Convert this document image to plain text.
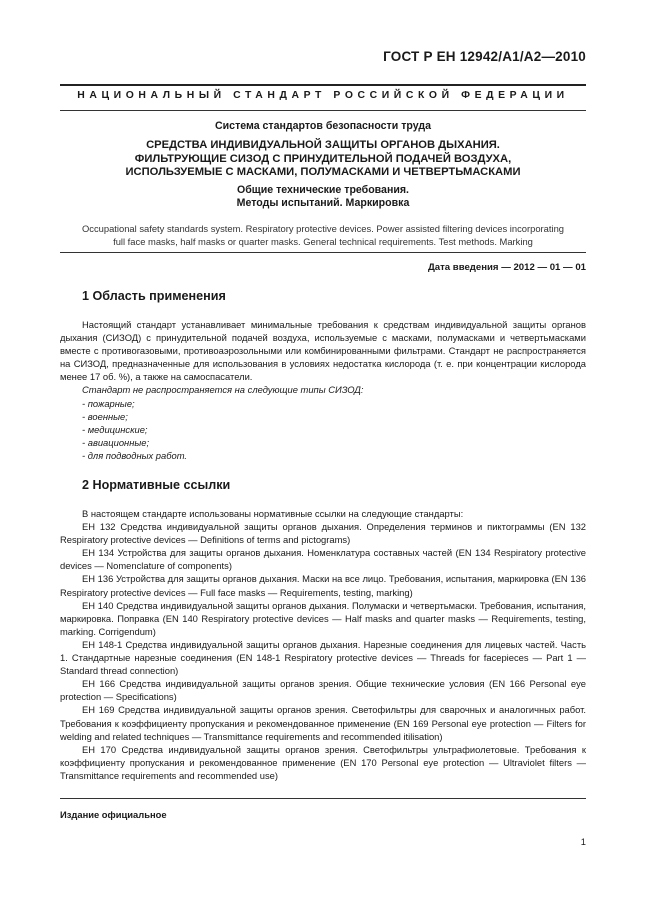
ГОСТ Р ЕН 12942/А1/А2—2010
НАЦИОНАЛЬНЫЙ СТАНДАРТ РОССИЙСКОЙ ФЕДЕРАЦИИ
Система стандартов безопасности труда
СРЕДСТВА ИНДИВИДУАЛЬНОЙ ЗАЩИТЫ ОРГАНОВ ДЫХАНИЯ.
ФИЛЬТРУЮЩИЕ СИЗОД С ПРИНУДИТЕЛЬНОЙ ПОДАЧЕЙ ВОЗДУХА,
ИСПОЛЬЗУЕМЫЕ С МАСКАМИ, ПОЛУМАСКАМИ И ЧЕТВЕРТЬМАСКАМИ
Общие технические требования.
Методы испытаний. Маркировка
Occupational safety standards system. Respiratory protective devices. Power assisted filtering devices incorporating
full face masks, half masks or quarter masks. General technical requirements. Test methods. Marking
Дата введения — 2012 — 01 — 01
1 Область применения

Настоящий стандарт устанавливает минимальные требования к средствам индивидуальной защиты органов дыхания (СИЗОД) с принудительной подачей воздуха, используемые с масками, полумасками и четвертьмасками вместе с противогазовыми, противоаэрозольными или комбинированными фильтрами. Стандарт не распространяется на СИЗОД, предназначенные для использования в условиях недостатка кислорода (т. е. при концентрации кислорода менее 17 об. %), а также на самоспасатели.

Стандарт не распространяется на следующие типы СИЗОД:

- пожарные;

- военные;

- медицинские;

- авиационные;

- для подводных работ.

2 Нормативные ссылки

В настоящем стандарте использованы нормативные ссылки на следующие стандарты:

ЕН 132 Средства индивидуальной защиты органов дыхания. Определения терминов и пиктограммы (EN 132 Respiratory protective devices — Definitions of terms and pictograms)

ЕН 134 Устройства для защиты органов дыхания. Номенклатура составных частей (EN 134 Respiratory protective devices — Nomenclature of components)

ЕН 136 Устройства для защиты органов дыхания. Маски на все лицо. Требования, испытания, маркировка (EN 136 Respiratory protective devices — Full face masks — Requirements, testing, marking)

ЕН 140 Средства индивидуальной защиты органов дыхания. Полумаски и четвертьмаски. Требования, испытания, маркировка. Поправка (EN 140 Respiratory protective devices — Half masks and quarter masks — Requirements, testing, marking. Corrigendum)

ЕН 148-1 Средства индивидуальной защиты органов дыхания. Нарезные соединения для лицевых частей. Часть 1. Стандартные нарезные соединения (EN 148-1 Respiratory protective devices — Threads for facepieces — Part 1 — Standard thread connection)

ЕН 166 Средства индивидуальной защиты органов зрения. Общие технические условия (EN 166 Personal eye protection — Specifications)

ЕН 169 Средства индивидуальной защиты органов зрения. Светофильтры для сварочных и аналогичных работ. Требования к коэффициенту пропускания и рекомендованное применение (EN 169 Personal eye protection — Filters for welding and related techniques — Transmittance requirements and recommended itilisation)

ЕН 170 Средства индивидуальной защиты органов зрения. Светофильтры ультрафиолетовые. Требования к коэффициенту пропускания и рекомендованное применение (EN 170 Personal eye protection — Ultraviolet filters — Transmittance requirements and recommended use)

Издание официальное
1
